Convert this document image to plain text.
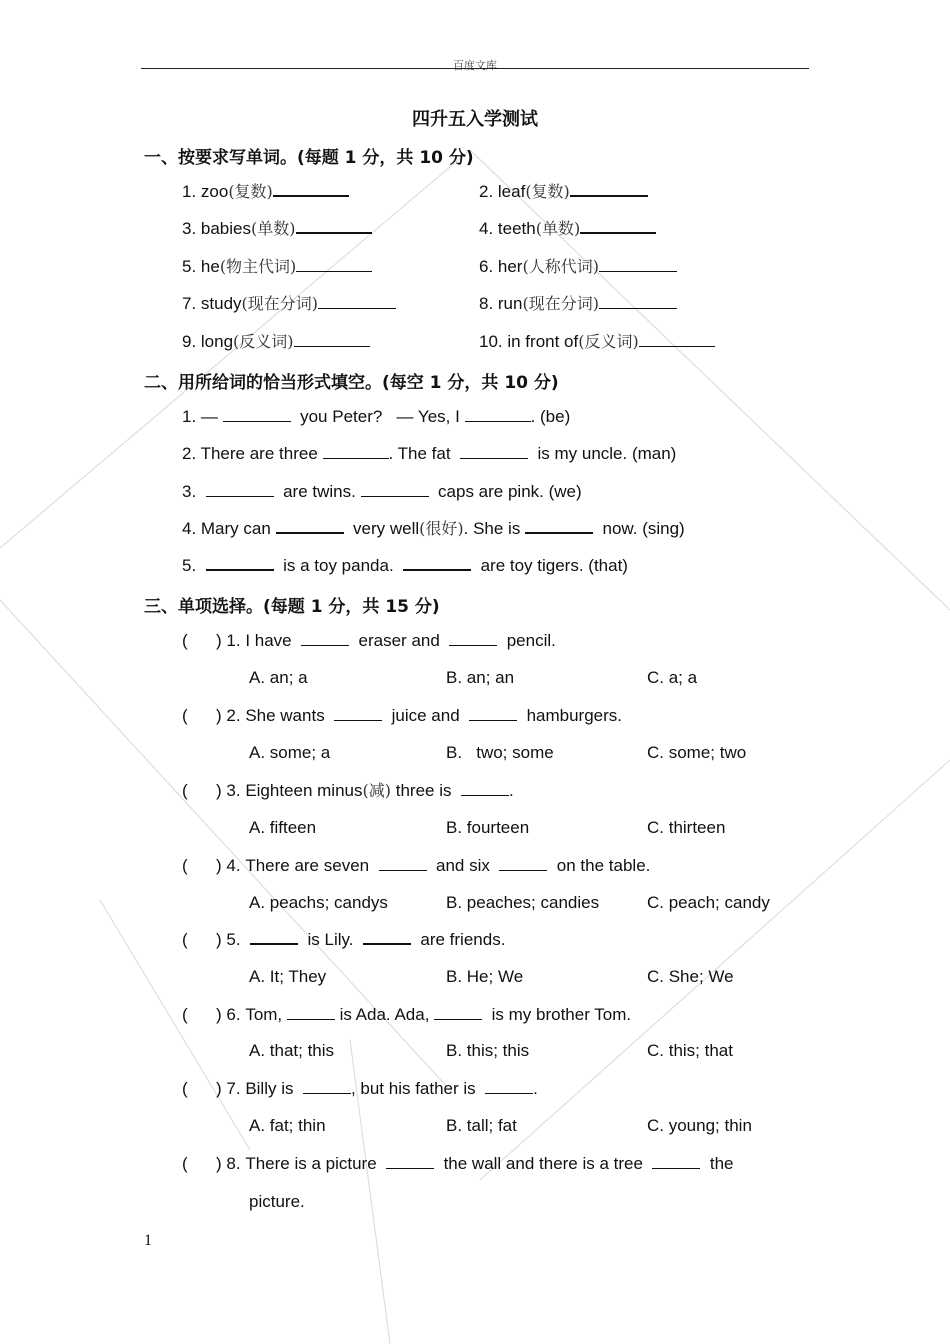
百度文库
四升五入学测试
一、按要求写单词。(每题 1 分，共 10 分)
1. zoo(复数)	2. leaf(复数)
3. babies(单数)	4. teeth(单数)
5. he(物主代词)	6. her(人称代词)
7. study(现在分词)	8. run(现在分词)
9. long(反义词)	10. in front of(反义词)
二、用所给词的恰当形式填空。(每空 1 分，共 10 分)
1. —	you Peter? — Yes, I	. (be)
2. There are three	. The fat	is my uncle. (man)
3.	are twins.	caps are pink. (we)
4. Mary can	very well(很好). She is	now. (sing)
5.	is a toy panda.	are toy tigers. (that)
三、单项选择。(每题 1 分，共 15 分)
( ) 1. I have	eraser and	pencil.
A. an; a	B. an; an	C. a; a
( ) 2. She wants	juice and	hamburgers.
A. some; a	B.   two; some	C. some; two
( ) 3. Eighteen minus(减) three is	.
A. fifteen	B. fourteen	C. thirteen
( ) 4. There are seven	and six	on the table.
A. peachs; candys	B. peaches; candies	C. peach; candy
( ) 5.	is Lily.	are friends.
A. It; They	B. He; We	C. She; We
( ) 6. Tom,	is Ada. Ada,	is my brother Tom.
A. that; this	B. this; this	C. this; that
( ) 7. Billy is	, but his father is	.
A. fat; thin	B. tall; fat	C. young; thin
( ) 8. There is a picture	the wall and there is a tree	the
picture.
1
